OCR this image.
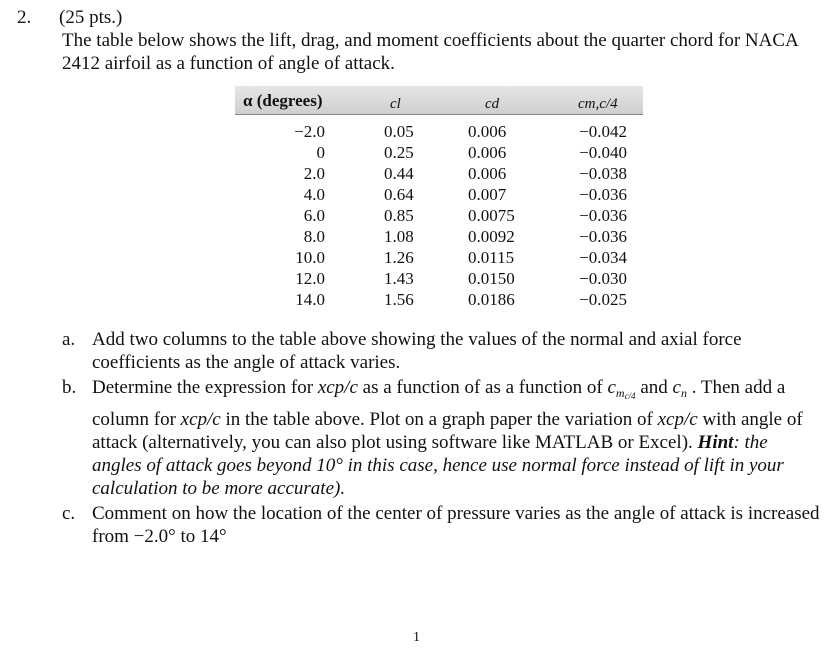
2. (25 pts.)
The table below shows the lift, drag, and moment coefficients about the quarter chord for NACA 2412 airfoil as a function of angle of attack.
α (degrees)	cl	cd	cm,c/4
−2.0	0.05	0.006	−0.042
0	0.25	0.006	−0.040
2.0	0.44	0.006	−0.038
4.0	0.64	0.007	−0.036
6.0	0.85	0.0075	−0.036
8.0	1.08	0.0092	−0.036
10.0	1.26	0.0115	−0.034
12.0	1.43	0.0150	−0.030
14.0	1.56	0.0186	−0.025
a. Add two columns to the table above showing the values of the normal and axial force coefficients as the angle of attack varies.
b. Determine the expression for xcp/c as a function of as a function of $c_{mc/4}$ and $c_n$ . Then add a column for xcp/c in the table above. Plot on a graph paper the variation of xcp/c with angle of attack (alternatively, you can also plot using software like MATLAB or Excel). Hint: the angles of attack goes beyond 10° in this case, hence use normal force instead of lift in your calculation to be more accurate).
c. Comment on how the location of the center of pressure varies as the angle of attack is increased from −2.0° to 14°
1
